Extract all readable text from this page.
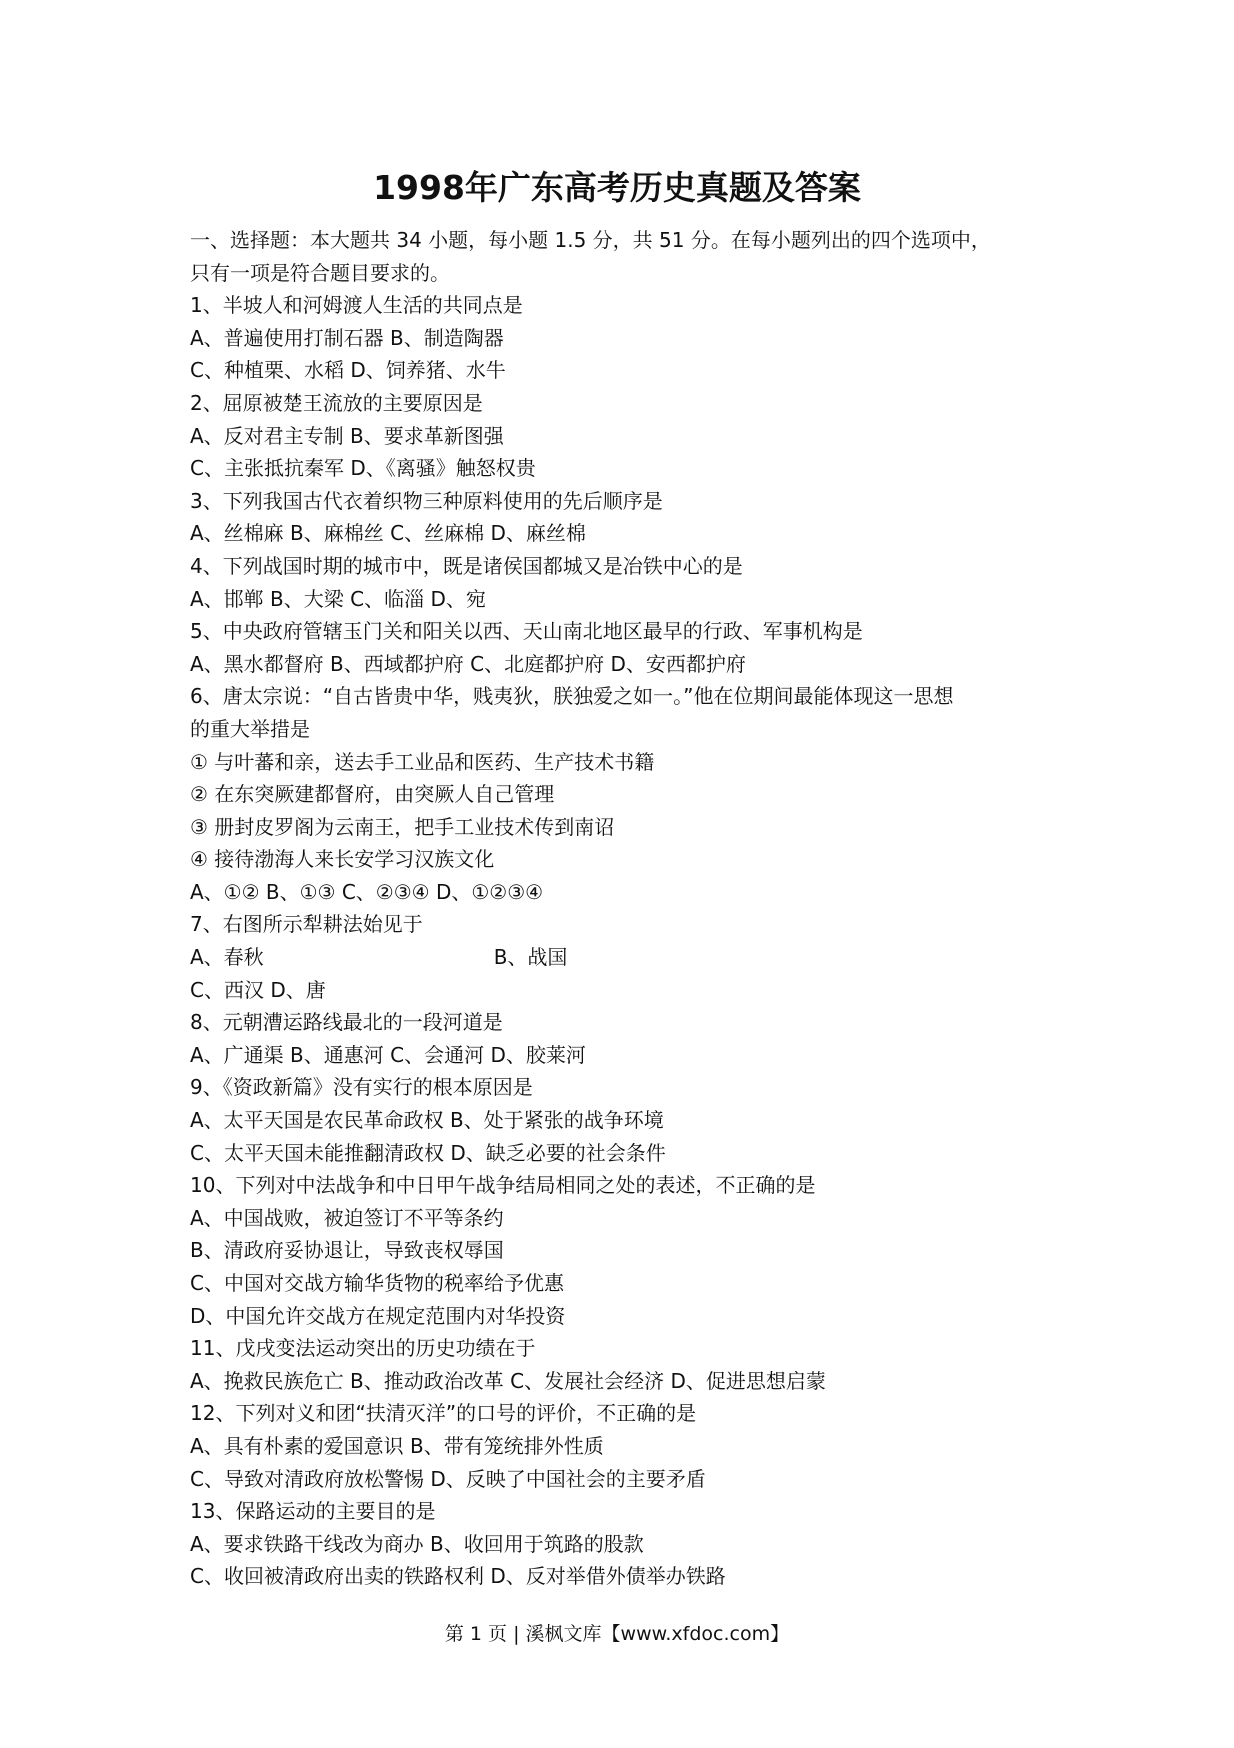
1998年广东高考历史真题及答案
一、选择题：本大题共 34 小题，每小题 1.5 分，共 51 分。在每小题列出的四个选项中，
只有一项是符合题目要求的。
1、半坡人和河姆渡人生活的共同点是
A、普遍使用打制石器 B、制造陶器
C、种植栗、水稻 D、饲养猪、水牛
2、屈原被楚王流放的主要原因是
A、反对君主专制 B、要求革新图强
C、主张抵抗秦军 D、《离骚》触怒权贵
3、下列我国古代衣着织物三种原料使用的先后顺序是
A、丝棉麻 B、麻棉丝 C、丝麻棉 D、麻丝棉
4、下列战国时期的城市中，既是诸侯国都城又是冶铁中心的是
A、邯郸 B、大梁 C、临淄 D、宛
5、中央政府管辖玉门关和阳关以西、天山南北地区最早的行政、军事机构是
A、黑水都督府 B、西域都护府 C、北庭都护府 D、安西都护府
6、唐太宗说：“自古皆贵中华，贱夷狄，朕独爱之如一。”他在位期间最能体现这一思想
的重大举措是
① 与叶蕃和亲，送去手工业品和医药、生产技术书籍
② 在东突厥建都督府，由突厥人自己管理
③ 册封皮罗阁为云南王，把手工业技术传到南诏
④ 接待渤海人来长安学习汉族文化
A、①② B、①③ C、②③④ D、①②③④
7、右图所示犁耕法始见于
A、春秋	B、战国
C、西汉 D、唐
8、元朝漕运路线最北的一段河道是
A、广通渠 B、通惠河 C、会通河 D、胶莱河
9、《资政新篇》没有实行的根本原因是
A、太平天国是农民革命政权 B、处于紧张的战争环境
C、太平天国未能推翻清政权 D、缺乏必要的社会条件
10、下列对中法战争和中日甲午战争结局相同之处的表述，不正确的是
A、中国战败，被迫签订不平等条约
B、清政府妥协退让，导致丧权辱国
C、中国对交战方输华货物的税率给予优惠
D、中国允许交战方在规定范围内对华投资
11、戊戌变法运动突出的历史功绩在于
A、挽救民族危亡 B、推动政治改革 C、发展社会经济 D、促进思想启蒙
12、下列对义和团“扶清灭洋”的口号的评价，不正确的是
A、具有朴素的爱国意识 B、带有笼统排外性质
C、导致对清政府放松警惕 D、反映了中国社会的主要矛盾
13、保路运动的主要目的是
A、要求铁路干线改为商办 B、收回用于筑路的股款
C、收回被清政府出卖的铁路权利 D、反对举借外债举办铁路
第 1 页 | 溪枫文库【www.xfdoc.com】
